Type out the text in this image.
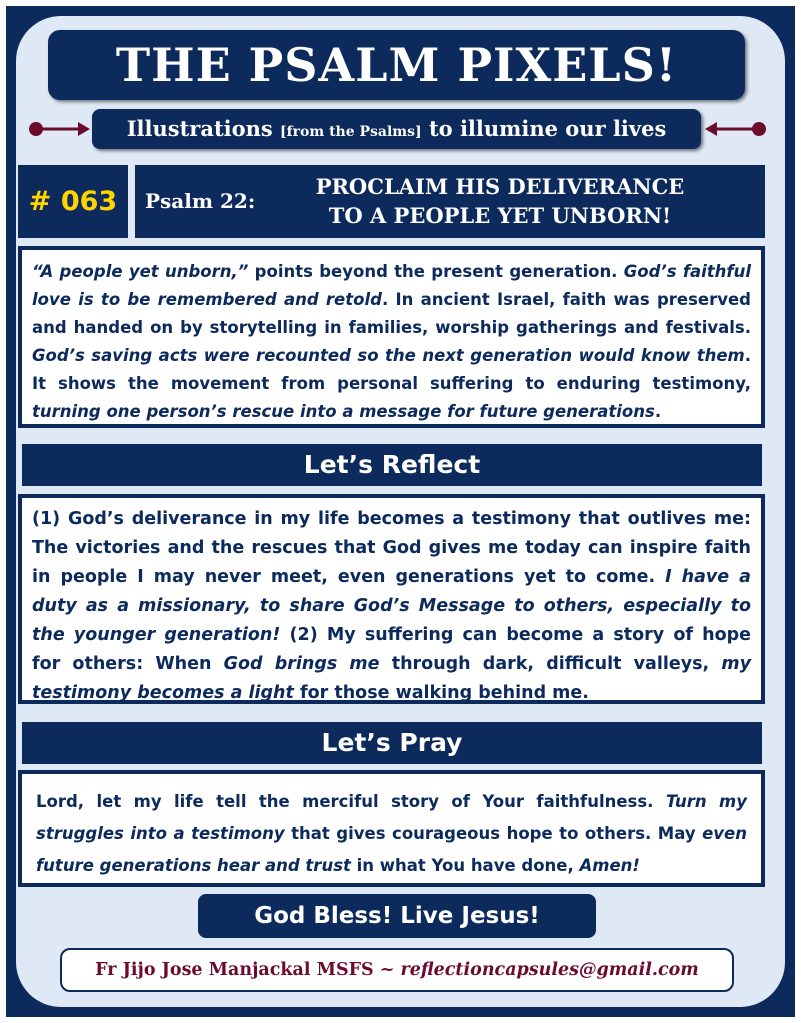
THE PSALM PIXELS!
Illustrations [from the Psalms] to illumine our lives
# 063	Psalm 22:
PROCLAIM HIS DELIVERANCE
TO A PEOPLE YET UNBORN!
“A people yet unborn,” points beyond the present generation. God’s faithful love is to be remembered and retold. In ancient Israel, faith was preserved and handed on by storytelling in families, worship gatherings and festivals. God’s saving acts were recounted so the next generation would know them. It shows the movement from personal suffering to enduring testimony, turning one person’s rescue into a message for future generations.
Let’s Reflect
(1) God’s deliverance in my life becomes a testimony that outlives me: The victories and the rescues that God gives me today can inspire faith in people I may never meet, even generations yet to come. I have a duty as a missionary, to share God’s Message to others, especially to the younger generation! (2) My suffering can become a story of hope for others: When God brings me through dark, difficult valleys, my testimony becomes a light for those walking behind me.
Let’s Pray
Lord, let my life tell the merciful story of Your faithfulness. Turn my struggles into a testimony that gives courageous hope to others. May even future generations hear and trust in what You have done, Amen!
God Bless! Live Jesus!
Fr Jijo Jose Manjackal MSFS ~ reflectioncapsules@gmail.com
